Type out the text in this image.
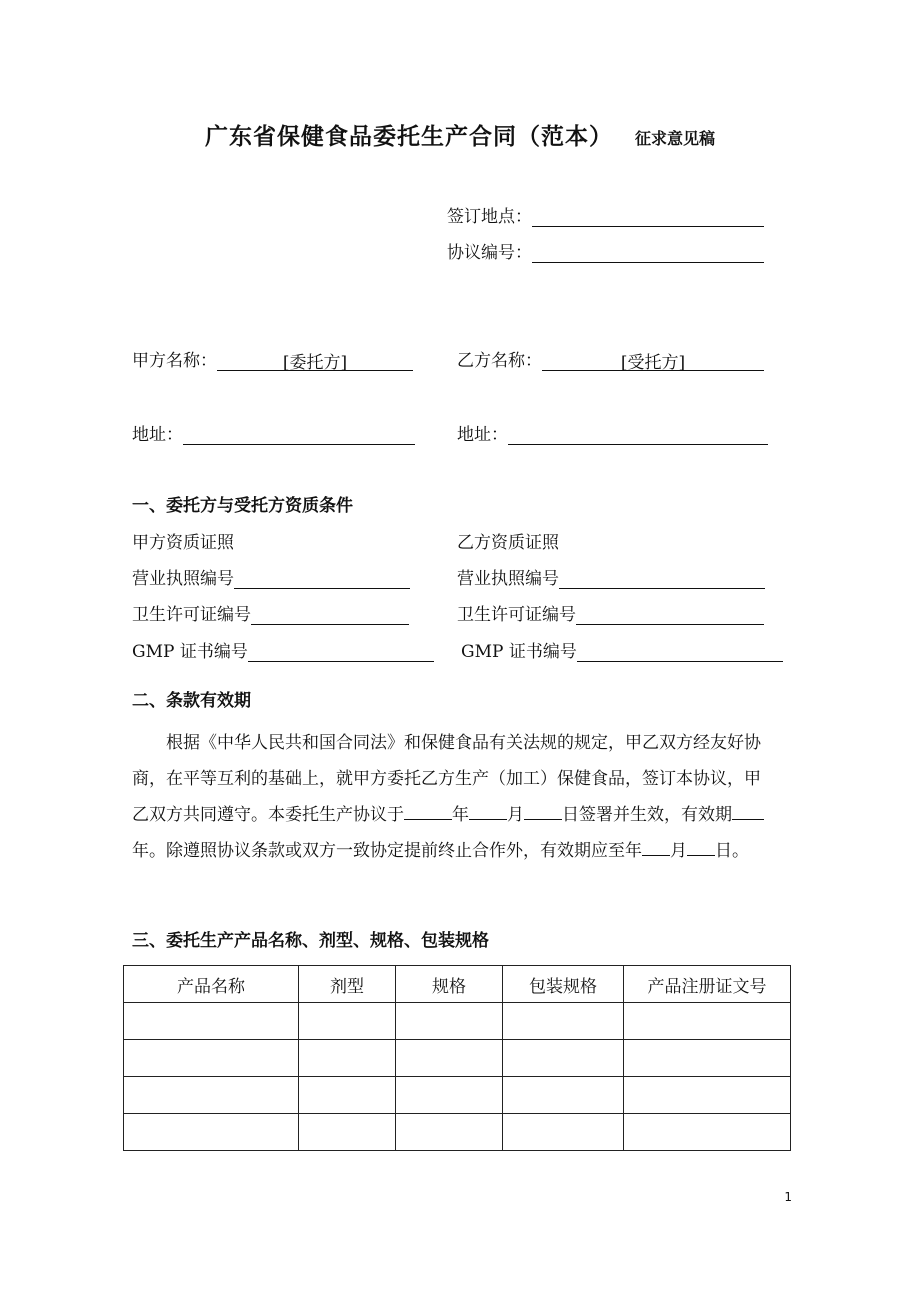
广东省保健食品委托生产合同（范本） 征求意见稿
签订地点：
协议编号：
甲方名称：	[委托方]	乙方名称：	[受托方]
地址：	地址：
一、委托方与受托方资质条件
甲方资质证照	乙方资质证照
营业执照编号	营业执照编号
卫生许可证编号	卫生许可证编号
GMP 证书编号	GMP 证书编号
二、条款有效期
根据《中华人民共和国合同法》和保健食品有关法规的规定，甲乙双方经友好协商，在平等互利的基础上，就甲方委托乙方生产（加工）保健食品，签订本协议，甲乙双方共同遵守。本委托生产协议于	年 月 日签署并生效，有效期年。除遵照协议条款或双方一致协定提前终止合作外，有效期应至年 月 日。
三、委托生产产品名称、剂型、规格、包装规格
产品名称	剂型	规格	包装规格	产品注册证文号

1
